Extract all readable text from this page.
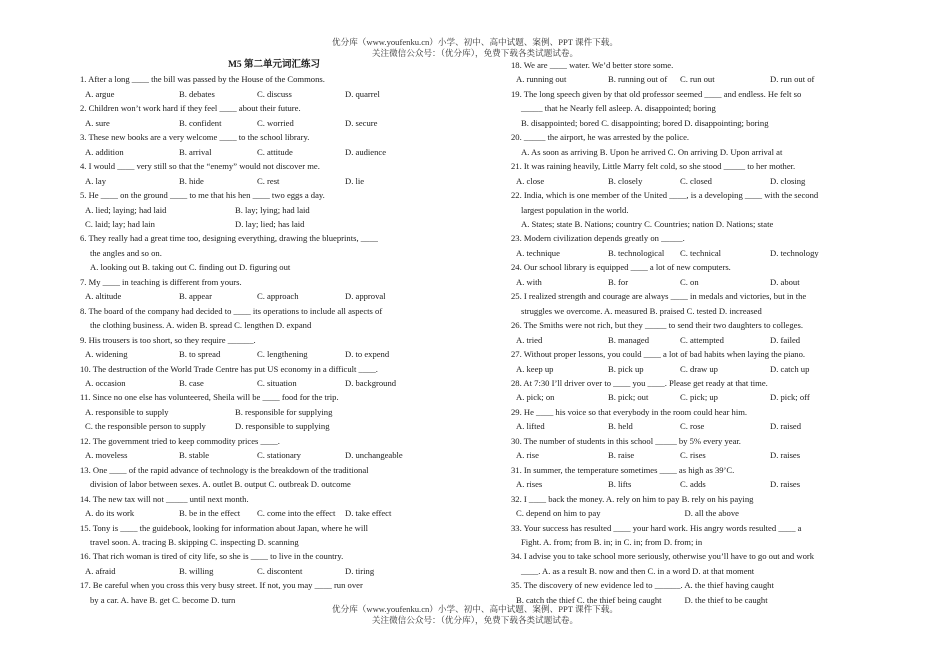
优分库（www.youfenku.cn）小学、初中、高中试题、案例、PPT 课件下载。
关注微信公众号：（优分库），免费下载各类试题试卷。
M5 第二单元词汇练习
1. After a long ____ the bill was passed by the House of the Commons.
A. argue	B. debates	C. discuss	D. quarrel
2. Children won’t work hard if they feel ____ about their future.
A. sure	B. confident	C. worried	D. secure
3. These new books are a very welcome ____ to the school library.
A. addition	B. arrival	C. attitude	D. audience
4. I would ____ very still so that the “enemy” would not discover me.
A. lay	B. hide	C. rest	D. lie
5. He ____ on the ground ____ to me that his hen ____ two eggs a day.
A. lied; laying; had laid	B. lay; lying; had laid
C. laid; lay; had lain	D. lay; lied; has laid
6. They really had a great time too, designing everything, drawing the blueprints, ____
the angles and so on.
A. looking out B. taking out C. finding out D. figuring out
7. My ____ in teaching is different from yours.
A. altitude	B. appear	C. approach	D. approval
8. The board of the company had decided to ____ its operations to include all aspects of
the clothing business. A. widen B. spread C. lengthen D. expand
9. His trousers is too short, so they require ______.
A. widening	B. to spread	C. lengthening	D. to expend
10. The destruction of the World Trade Centre has put US economy in a difficult ____.
A. occasion	B. case	C. situation	D. background
11. Since no one else has volunteered, Sheila will be ____ food for the trip.
A. responsible to supply	B. responsible for supplying
C. the responsible person to supply	D. responsible to supplying
12. The government tried to keep commodity prices ____.
A. moveless	B. stable	C. stationary	D. unchangeable
13. One ____ of the rapid advance of technology is the breakdown of the traditional
division of labor between sexes. A. outlet B. output C. outbreak D. outcome
14. The new tax will not _____ until next month.
A. do its work	B. be in the effect	C. come into the effect	D. take effect
15. Tony is ____ the guidebook, looking for information about Japan, where he will
travel soon. A. tracing B. skipping C. inspecting D. scanning
16. That rich woman is tired of city life, so she is ____ to live in the country.
A. afraid	B. willing	C. discontent	D. tiring
17. Be careful when you cross this very busy street. If not, you may ____ run over
by a car. A. have B. get C. become D. turn
18. We are ____ water. We’d better store some.
A. running out	B. running out of	C. run out	D. run out of
19. The long speech given by that old professor seemed ____ and endless. He felt so
_____ that he Nearly fell asleep. A. disappointed; boring
B. disappointed; bored C. disappointing; bored D. disappointing; boring
20. _____ the airport, he was arrested by the police.
A. As soon as arriving B. Upon he arrived C. On arriving D. Upon arrival at
21. It was raining heavily, Little Marry felt cold, so she stood _____ to her mother.
A. close	B. closely	C. closed	D. closing
22. India, which is one member of the United ____, is a developing ____ with the second
largest population in the world.
A. States; state B. Nations; country C. Countries; nation D. Nations; state
23. Modern civilization depends greatly on _____.
A. technique	B. technological	C. technical	D. technology
24. Our school library is equipped ____ a lot of new computers.
A. with	B. for	C. on	D. about
25. I realized strength and courage are always ____ in medals and victories, but in the
struggles we overcome. A. measured B. praised C. tested D. increased
26. The Smiths were not rich, but they _____ to send their two daughters to colleges.
A. tried	B. managed	C. attempted	D. failed
27. Without proper lessons, you could ____ a lot of bad habits when laying the piano.
A. keep up	B. pick up	C. draw up	D. catch up
28. At 7:30 I’ll driver over to ____ you ____. Please get ready at that time.
A. pick; on	B. pick; out	C. pick; up	D. pick; off
29. He ____ his voice so that everybody in the room could hear him.
A. lifted	B. held	C. rose	D. raised
30. The number of students in this school _____ by 5% every year.
A. rise	B. raise	C. rises	D. raises
31. In summer, the temperature sometimes ____ as high as 39’C.
A. rises	B. lifts	C. adds	D. raises
32. I ____ back the money. A. rely on him to pay B. rely on his paying
C. depend on him to pay	D. all the above
33. Your success has resulted ____ your hard work. His angry words resulted ____ a
Fight. A. from; from B. in; in C. in; from D. from; in
34. I advise you to take school more seriously, otherwise you’ll have to go out and work
____. A. as a result B. now and then C. in a word D. at that moment
35. The discovery of new evidence led to ______. A. the thief having caught
B. catch the thief C. the thief being caught	D. the thief to be caught
优分库（www.youfenku.cn）小学、初中、高中试题、案例、PPT 课件下载。
关注微信公众号：（优分库），免费下载各类试题试卷。
